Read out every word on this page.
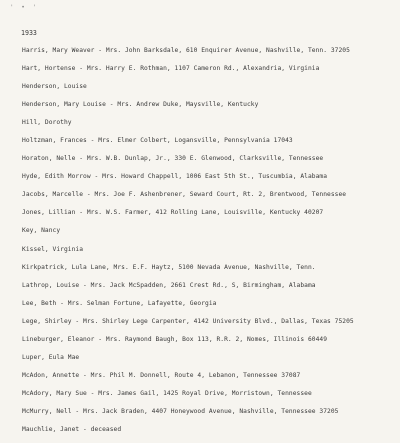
' • '
1933
Harris, Mary Weaver - Mrs. John Barksdale, 610 Enquirer Avenue, Nashville, Tenn. 37205
Hart, Hortense - Mrs. Harry E. Rothman, 1107 Cameron Rd., Alexandria, Virginia
Henderson, Louise
Henderson, Mary Louise - Mrs. Andrew Duke, Maysville, Kentucky
Hill, Dorothy
Holtzman, Frances - Mrs. Elmer Colbert, Logansville, Pennsylvania 17043
Horaton, Nelle - Mrs. W.B. Dunlap, Jr., 330 E. Glenwood, Clarksville, Tennessee
Hyde, Edith Morrow - Mrs. Howard Chappell, 1006 East 5th St., Tuscumbia, Alabama
Jacobs, Marcelle - Mrs. Joe F. Ashenbrener, Seward Court, Rt. 2, Brentwood, Tennessee
Jones, Lillian - Mrs. W.S. Farmer, 412 Rolling Lane, Louisville, Kentucky 40207
Key, Nancy
Kissel, Virginia
Kirkpatrick, Lula Lane, Mrs. E.F. Haytz, 5100 Nevada Avenue, Nashville, Tenn.
Lathrop, Louise - Mrs. Jack McSpadden, 2661 Crest Rd., S, Birmingham, Alabama
Lee, Beth - Mrs. Selman Fortune, Lafayette, Georgia
Lege, Shirley - Mrs. Shirley Lege Carpenter, 4142 University Blvd., Dallas, Texas 75205
Lineburger, Eleanor - Mrs. Raymond Baugh, Box 113, R.R. 2, Nomes, Illinois 60449
Luper, Eula Mae
McAdon, Annette - Mrs. Phil M. Donnell, Route 4, Lebanon, Tennessee 37087
McAdory, Mary Sue - Mrs. James Gail, 1425 Royal Drive, Morristown, Tennessee
McMurry, Nell - Mrs. Jack Braden, 4407 Honeywood Avenue, Nashville, Tennessee 37205
Mauchlie, Janet - deceased
